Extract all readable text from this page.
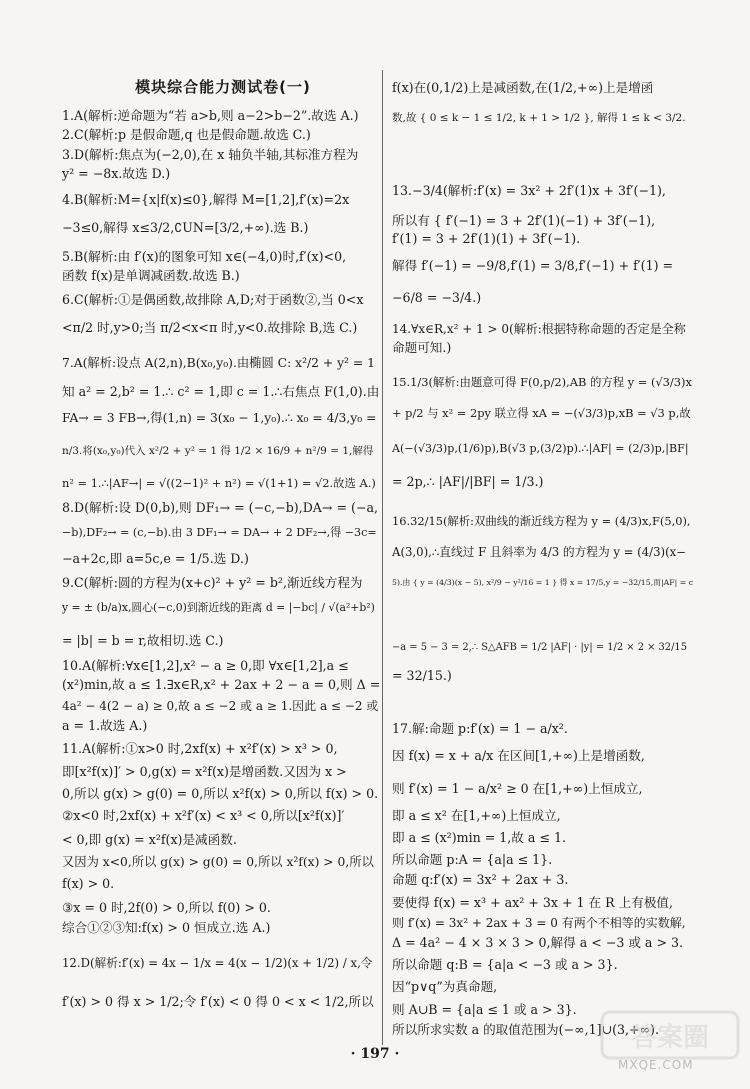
模块综合能力测试卷(一)
1.A(解析:逆命题为“若 a>b,则 a−2>b−2”.故选 A.)
2.C(解析:p 是假命题,q 也是假命题.故选 C.)
3.D(解析:焦点为(−2,0),在 x 轴负半轴,其标准方程为
y² = −8x.故选 D.)
4.B(解析:M={x|f(x)≤0},解得 M=[1,2],f′(x)=2x
−3≤0,解得 x≤3/2,∁UN=[3/2,+∞).选 B.)
5.B(解析:由 f′(x)的图象可知 x∈(−4,0)时,f′(x)<0,
函数 f(x)是单调减函数.故选 B.)
6.C(解析:①是偶函数,故排除 A,D;对于函数②,当 0<x
<π/2 时,y>0;当 π/2<x<π 时,y<0.故排除 B,选 C.)
7.A(解析:设点 A(2,n),B(x₀,y₀).由椭圆 C: x²/2 + y² = 1
知 a² = 2,b² = 1.∴ c² = 1,即 c = 1.∴右焦点 F(1,0).由
FA→ = 3 FB→,得(1,n) = 3(x₀ − 1,y₀).∴ x₀ = 4/3,y₀ =
n/3.将(x₀,y₀)代入 x²/2 + y² = 1 得 1/2 × 16/9 + n²/9 = 1,解得
n² = 1.∴|AF→| = √((2−1)² + n²) = √(1+1) = √2.故选 A.)
8.D(解析:设 D(0,b),则 DF₁→ = (−c,−b),DA→ = (−a,
−b),DF₂→ = (c,−b).由 3 DF₁→ = DA→ + 2 DF₂→,得 −3c=
−a+2c,即 a=5c,e = 1/5.选 D.)
9.C(解析:圆的方程为(x+c)² + y² = b²,渐近线方程为
y = ± (b/a)x,圆心(−c,0)到渐近线的距离 d = |−bc| / √(a²+b²)
= |b| = b = r,故相切.选 C.)
10.A(解析:∀x∈[1,2],x² − a ≥ 0,即 ∀x∈[1,2],a ≤
(x²)min,故 a ≤ 1.∃x∈R,x² + 2ax + 2 − a = 0,则 Δ =
4a² − 4(2 − a) ≥ 0,故 a ≤ −2 或 a ≥ 1.因此 a ≤ −2 或
a = 1.故选 A.)
11.A(解析:①x>0 时,2xf(x) + x²f′(x) > x³ > 0,
即[x²f(x)]′ > 0,g(x) = x²f(x)是增函数.又因为 x >
0,所以 g(x) > g(0) = 0,所以 x²f(x) > 0,所以 f(x) > 0.
②x<0 时,2xf(x) + x²f′(x) < x³ < 0,所以[x²f(x)]′
< 0,即 g(x) = x²f(x)是减函数.
又因为 x<0,所以 g(x) > g(0) = 0,所以 x²f(x) > 0,所以
f(x) > 0.
③x = 0 时,2f(0) > 0,所以 f(0) > 0.
综合①②③知:f(x) > 0 恒成立.选 A.)
12.D(解析:f′(x) = 4x − 1/x = 4(x − 1/2)(x + 1/2) / x,令
f′(x) > 0 得 x > 1/2;令 f′(x) < 0 得 0 < x < 1/2,所以
f(x)在(0,1/2)上是减函数,在(1/2,+∞)上是增函
数,故 { 0 ≤ k − 1 ≤ 1/2, k + 1 > 1/2 }, 解得 1 ≤ k < 3/2.
13.−3/4(解析:f′(x) = 3x² + 2f′(1)x + 3f′(−1),
所以有 { f′(−1) = 3 + 2f′(1)(−1) + 3f′(−1),
f′(1) = 3 + 2f′(1)(1) + 3f′(−1).
解得 f′(−1) = −9/8,f′(1) = 3/8,f′(−1) + f′(1) =
−6/8 = −3/4.)
14.∀x∈R,x² + 1 > 0(解析:根据特称命题的否定是全称
命题可知.)
15.1/3(解析:由题意可得 F(0,p/2),AB 的方程 y = (√3/3)x
+ p/2 与 x² = 2py 联立得 xA = −(√3/3)p,xB = √3 p,故
A(−(√3/3)p,(1/6)p),B(√3 p,(3/2)p).∴|AF| = (2/3)p,|BF|
= 2p,∴ |AF|/|BF| = 1/3.)
16.32/15(解析:双曲线的渐近线方程为 y = (4/3)x,F(5,0),
A(3,0),∴直线过 F 且斜率为 4/3 的方程为 y = (4/3)(x−
5).由 { y = (4/3)(x − 5), x²/9 − y²/16 = 1 } 得 x = 17/5,y = −32/15,而|AF| = c
−a = 5 − 3 = 2,∴ S△AFB = 1/2 |AF| · |y| = 1/2 × 2 × 32/15
= 32/15.)
17.解:命题 p:f′(x) = 1 − a/x².
因 f(x) = x + a/x 在区间[1,+∞)上是增函数,
则 f′(x) = 1 − a/x² ≥ 0 在[1,+∞)上恒成立,
即 a ≤ x² 在[1,+∞)上恒成立,
即 a ≤ (x²)min = 1,故 a ≤ 1.
所以命题 p:A = {a|a ≤ 1}.
命题 q:f′(x) = 3x² + 2ax + 3.
要使得 f(x) = x³ + ax² + 3x + 1 在 R 上有极值,
则 f′(x) = 3x² + 2ax + 3 = 0 有两个不相等的实数解,
Δ = 4a² − 4 × 3 × 3 > 0,解得 a < −3 或 a > 3.
所以命题 q:B = {a|a < −3 或 a > 3}.
因“p∨q”为真命题,
则 A∪B = {a|a ≤ 1 或 a > 3}.
所以所求实数 a 的取值范围为(−∞,1]∪(3,+∞).
· 197 ·
答案圈
MXQE.COM
